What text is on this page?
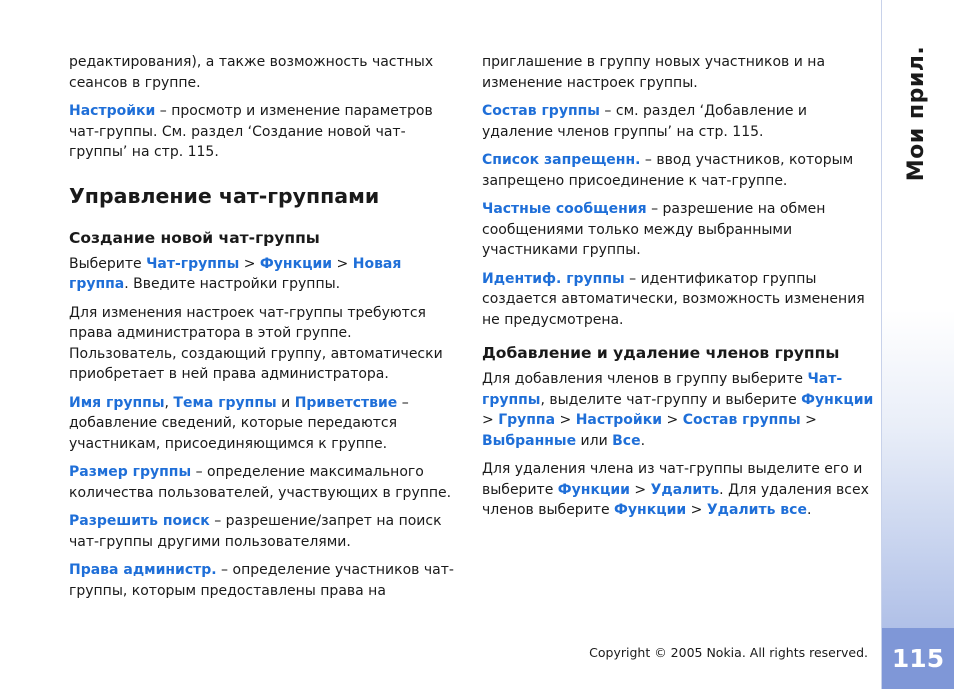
редактирования), а также возможность частных сеансов в группе.

Настройки – просмотр и изменение параметров чат-группы. См. раздел ‘Создание новой чат-группы’ на стр. 115.

Управление чат-группами
Создание новой чат-группы

Выберите Чат-группы > Функции > Новая группа. Введите настройки группы.

Для изменения настроек чат-группы требуются права администратора в этой группе. Пользователь, создающий группу, автоматически приобретает в ней права администратора.

Имя группы, Тема группы и Приветствие – добавление сведений, которые передаются участникам, присоединяющимся к группе.

Размер группы – определение максимального количества пользователей, участвующих в группе.

Разрешить поиск – разрешение/запрет на поиск чат-группы другими пользователями.

Права администр. – определение участников чат-группы, которым предоставлены права на

приглашение в группу новых участников и на изменение настроек группы.

Состав группы – см. раздел ‘Добавление и удаление членов группы’ на стр. 115.

Список запрещенн. – ввод участников, которым запрещено присоединение к чат-группе.

Частные сообщения – разрешение на обмен сообщениями только между выбранными участниками группы.

Идентиф. группы – идентификатор группы создается автоматически, возможность изменения не предусмотрена.

Добавление и удаление членов группы

Для добавления членов в группу выберите Чат-группы, выделите чат-группу и выберите Функции > Группа > Настройки > Состав группы > Выбранные или Все.

Для удаления члена из чат-группы выделите его и выберите Функции > Удалить. Для удаления всех членов выберите Функции > Удалить все.

Мои прил.
115
Copyright © 2005 Nokia. All rights reserved.
